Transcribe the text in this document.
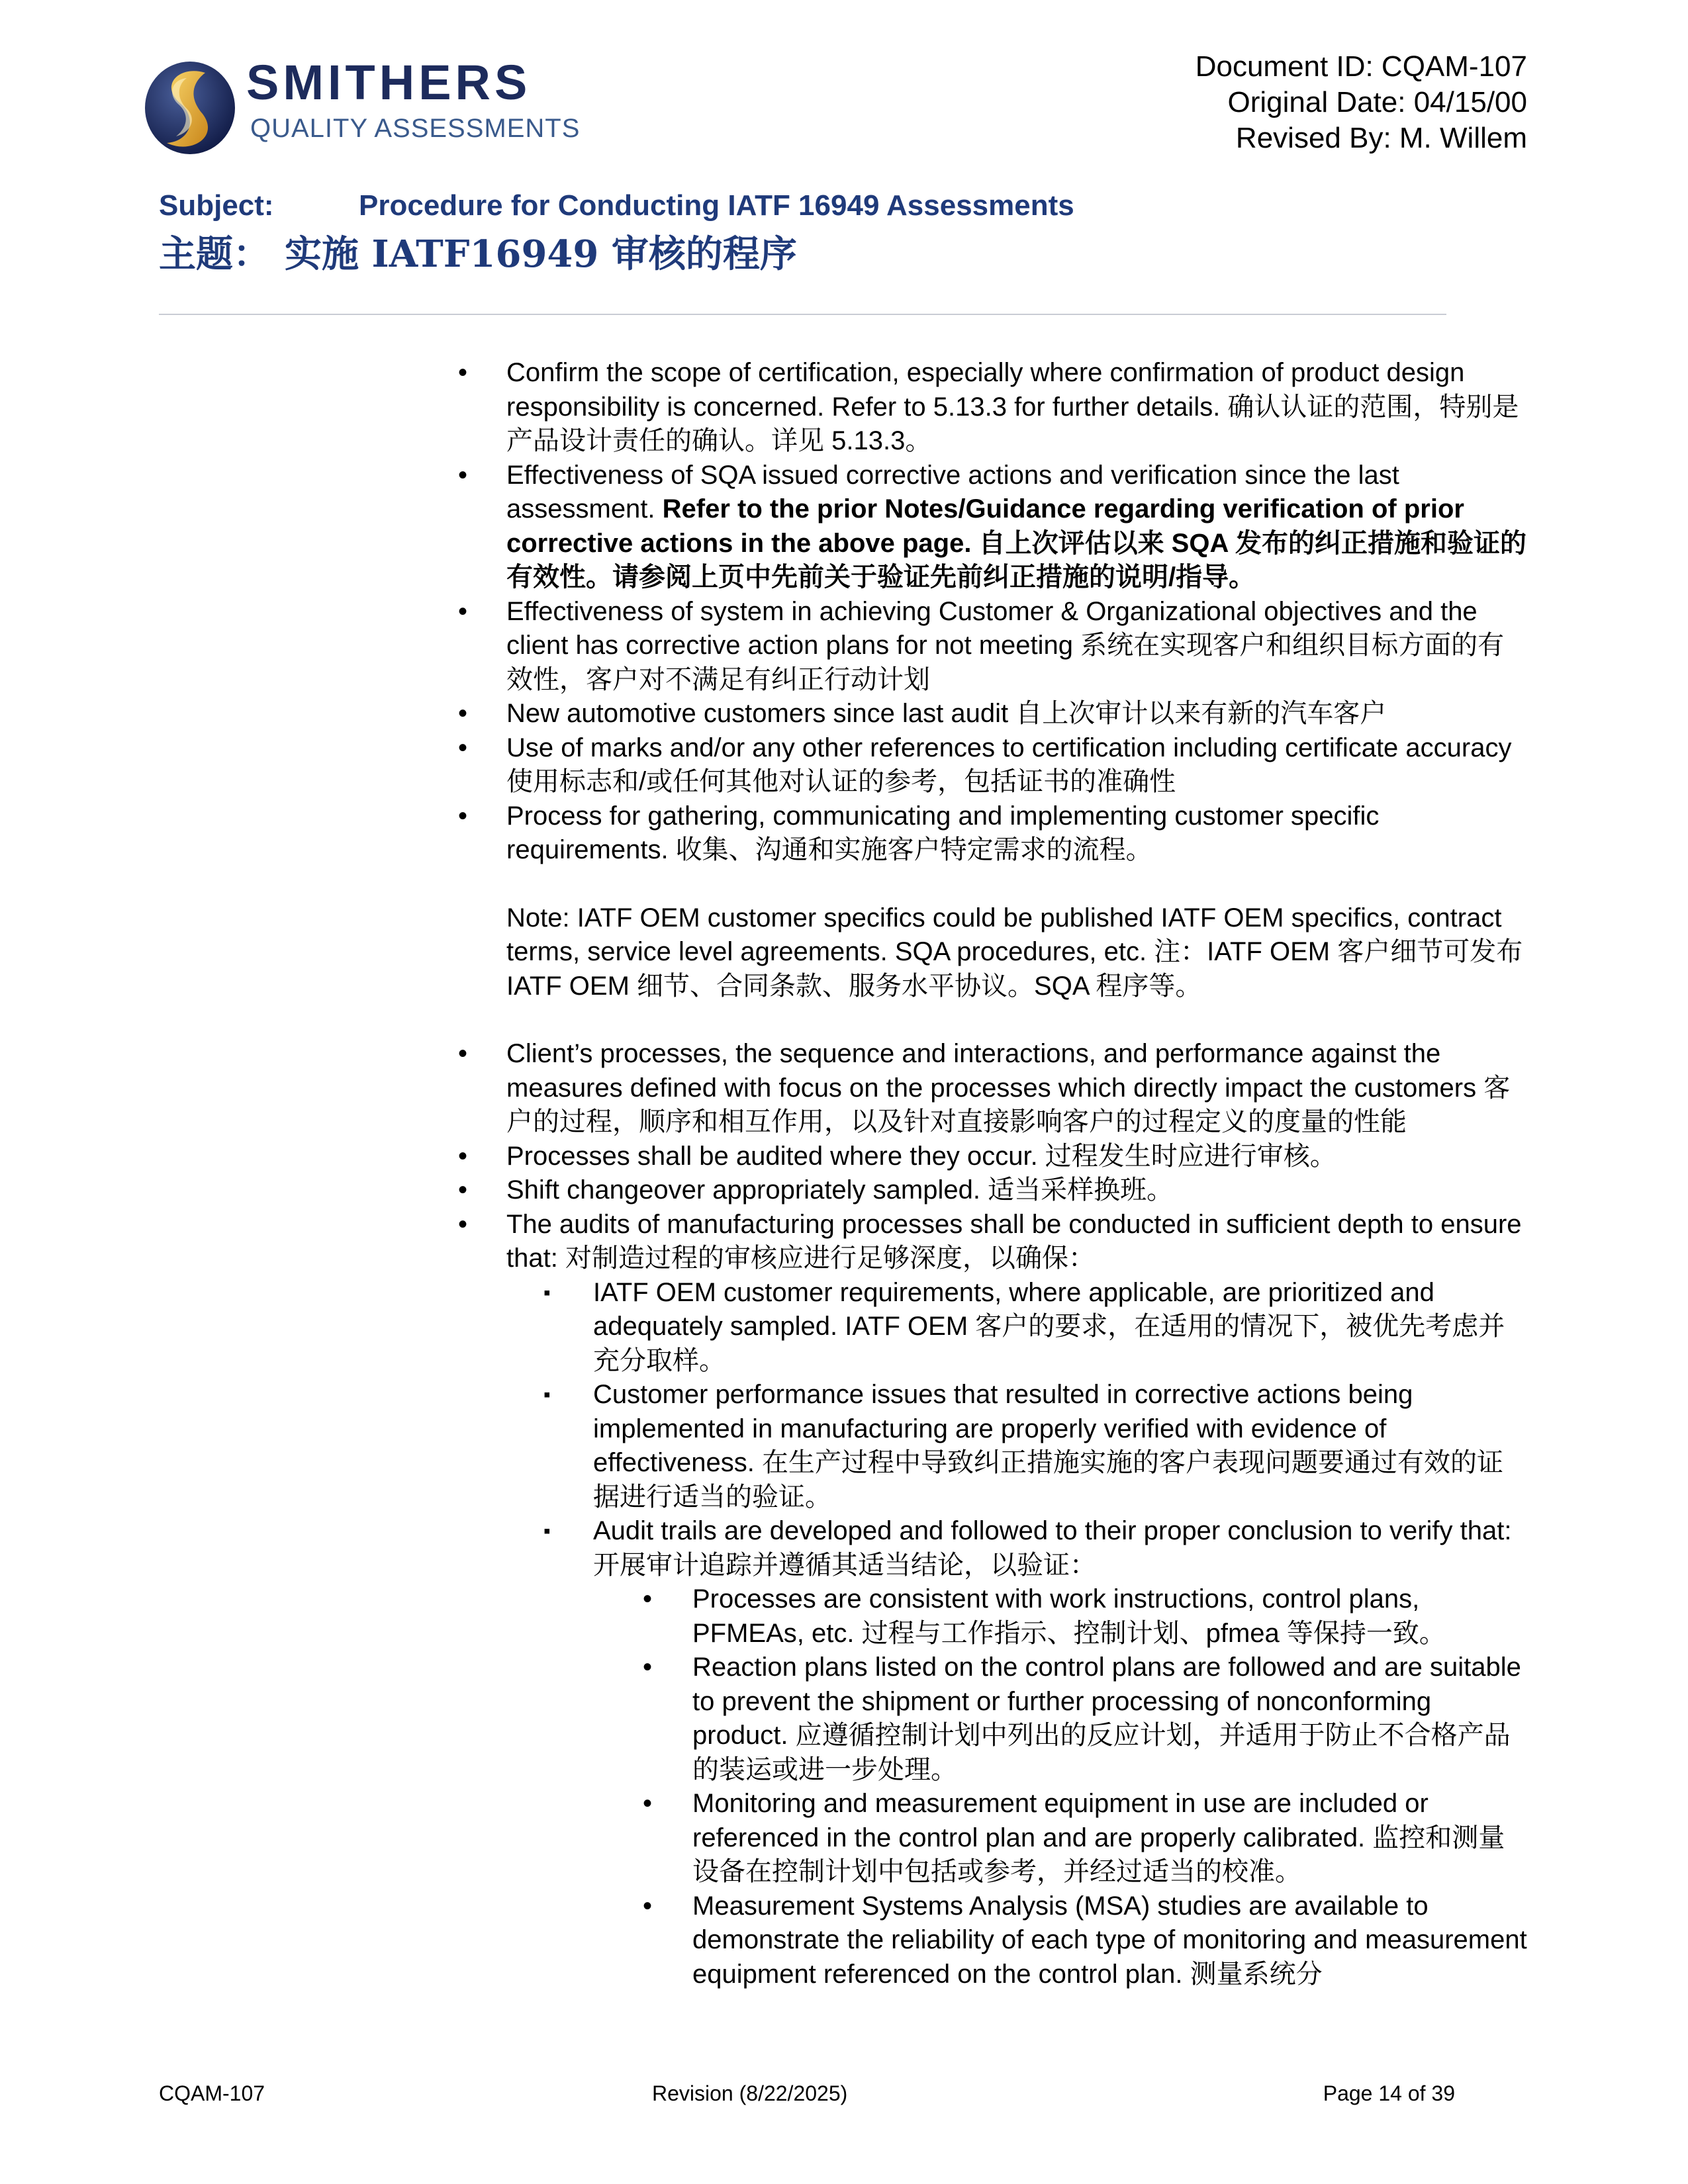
SMITHERS
QUALITY ASSESSMENTS
Document ID: CQAM-107
Original Date: 04/15/00
Revised By: M. Willem
Subject:	Procedure for Conducting IATF 16949 Assessments
主题： 实施 IATF16949 审核的程序
• Confirm the scope of certification, especially where confirmation of product design responsibility is concerned. Refer to 5.13.3 for further details. 确认认证的范围，特别是产品设计责任的确认。详见 5.13.3。
• Effectiveness of SQA issued corrective actions and verification since the last assessment. Refer to the prior Notes/Guidance regarding verification of prior corrective actions in the above page. 自上次评估以来 SQA 发布的纠正措施和验证的有效性。请参阅上页中先前关于验证先前纠正措施的说明/指导。
• Effectiveness of system in achieving Customer & Organizational objectives and the client has corrective action plans for not meeting 系统在实现客户和组织目标方面的有效性，客户对不满足有纠正行动计划
• New automotive customers since last audit 自上次审计以来有新的汽车客户
• Use of marks and/or any other references to certification including certificate accuracy 使用标志和/或任何其他对认证的参考，包括证书的准确性
• Process for gathering, communicating and implementing customer specific requirements. 收集、沟通和实施客户特定需求的流程。
Note: IATF OEM customer specifics could be published IATF OEM specifics, contract terms, service level agreements. SQA procedures, etc. 注：IATF OEM 客户细节可发布 IATF OEM 细节、合同条款、服务水平协议。SQA 程序等。
• Client’s processes, the sequence and interactions, and performance against the measures defined with focus on the processes which directly impact the customers 客户的过程，顺序和相互作用，以及针对直接影响客户的过程定义的度量的性能
• Processes shall be audited where they occur. 过程发生时应进行审核。
• Shift changeover appropriately sampled. 适当采样换班。
• The audits of manufacturing processes shall be conducted in sufficient depth to ensure that: 对制造过程的审核应进行足够深度，以确保：
▪ IATF OEM customer requirements, where applicable, are prioritized and adequately sampled. IATF OEM 客户的要求，在适用的情况下，被优先考虑并充分取样。
▪ Customer performance issues that resulted in corrective actions being implemented in manufacturing are properly verified with evidence of effectiveness. 在生产过程中导致纠正措施实施的客户表现问题要通过有效的证据进行适当的验证。
▪ Audit trails are developed and followed to their proper conclusion to verify that: 开展审计追踪并遵循其适当结论，以验证：
• Processes are consistent with work instructions, control plans, PFMEAs, etc. 过程与工作指示、控制计划、pfmea 等保持一致。
• Reaction plans listed on the control plans are followed and are suitable to prevent the shipment or further processing of nonconforming product. 应遵循控制计划中列出的反应计划，并适用于防止不合格产品的装运或进一步处理。
• Monitoring and measurement equipment in use are included or referenced in the control plan and are properly calibrated. 监控和测量设备在控制计划中包括或参考，并经过适当的校准。
• Measurement Systems Analysis (MSA) studies are available to demonstrate the reliability of each type of monitoring and measurement equipment referenced on the control plan. 测量系统分
CQAM-107	Revision (8/22/2025)	Page 14 of 39
